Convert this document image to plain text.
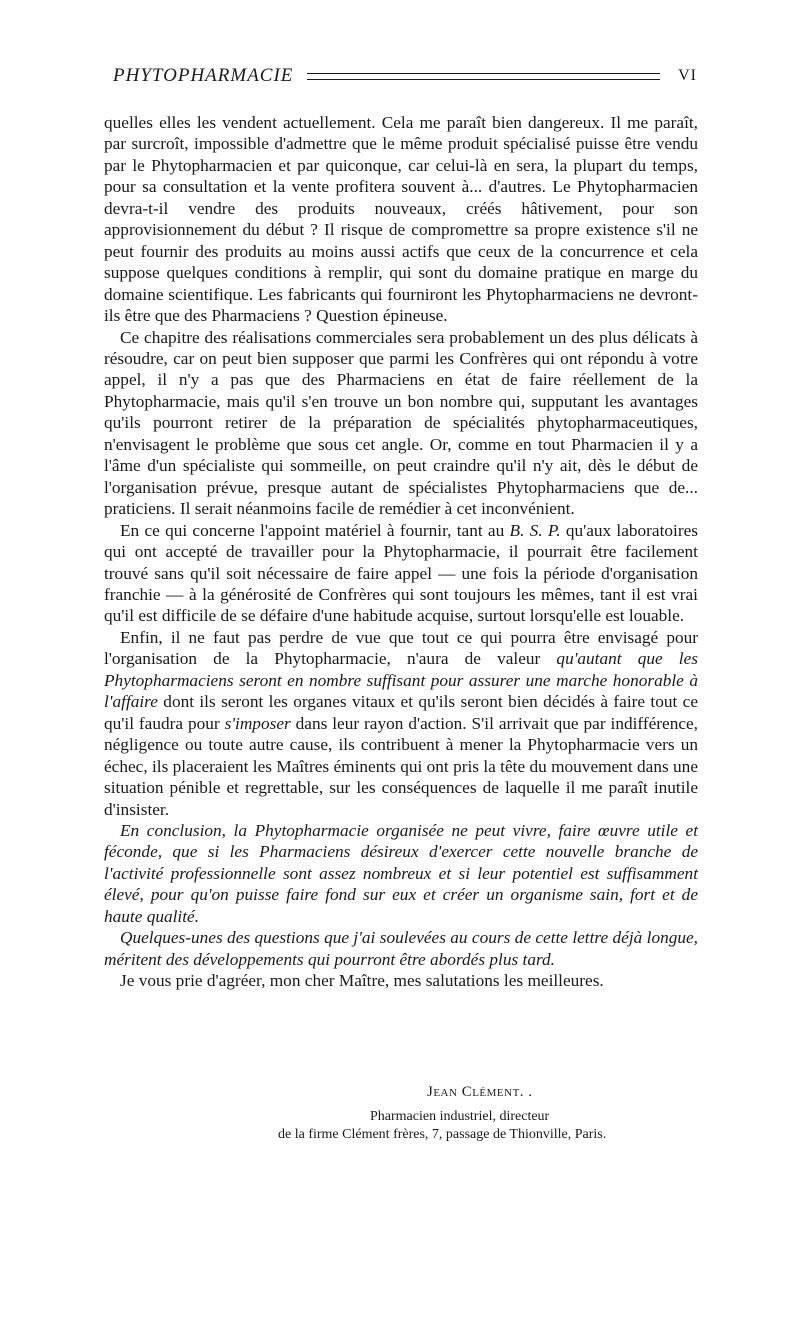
PHYTOPHARMACIE	VI

quelles elles les vendent actuellement. Cela me paraît bien dangereux. Il me paraît, par surcroît, impossible d'admettre que le même produit spécialisé puisse être vendu par le Phytopharmacien et par quiconque, car celui-là en sera, la plupart du temps, pour sa consultation et la vente profitera souvent à... d'autres. Le Phytopharmacien devra-t-il vendre des produits nouveaux, créés hâtivement, pour son approvisionnement du début ? Il risque de compromettre sa propre existence s'il ne peut fournir des produits au moins aussi actifs que ceux de la concurrence et cela suppose quelques conditions à remplir, qui sont du domaine pratique en marge du domaine scientifique. Les fabricants qui fourniront les Phytopharmaciens ne devront-ils être que des Pharmaciens ? Question épineuse.

Ce chapitre des réalisations commerciales sera probablement un des plus délicats à résoudre, car on peut bien supposer que parmi les Confrères qui ont répondu à votre appel, il n'y a pas que des Pharmaciens en état de faire réellement de la Phytopharmacie, mais qu'il s'en trouve un bon nombre qui, supputant les avantages qu'ils pourront retirer de la préparation de spécialités phytopharmaceutiques, n'envisagent le problème que sous cet angle. Or, comme en tout Pharmacien il y a l'âme d'un spécialiste qui sommeille, on peut craindre qu'il n'y ait, dès le début de l'organisation prévue, presque autant de spécialistes Phytopharmaciens que de... praticiens. Il serait néanmoins facile de remédier à cet inconvénient.

En ce qui concerne l'appoint matériel à fournir, tant au B. S. P. qu'aux laboratoires qui ont accepté de travailler pour la Phytopharmacie, il pourrait être facilement trouvé sans qu'il soit nécessaire de faire appel — une fois la période d'organisation franchie — à la générosité de Confrères qui sont toujours les mêmes, tant il est vrai qu'il est difficile de se défaire d'une habitude acquise, surtout lorsqu'elle est louable.

Enfin, il ne faut pas perdre de vue que tout ce qui pourra être envisagé pour l'organisation de la Phytopharmacie, n'aura de valeur qu'autant que les Phytopharmaciens seront en nombre suffisant pour assurer une marche honorable à l'affaire dont ils seront les organes vitaux et qu'ils seront bien décidés à faire tout ce qu'il faudra pour s'imposer dans leur rayon d'action. S'il arrivait que par indifférence, négligence ou toute autre cause, ils contribuent à mener la Phytopharmacie vers un échec, ils placeraient les Maîtres éminents qui ont pris la tête du mouvement dans une situation pénible et regrettable, sur les conséquences de laquelle il me paraît inutile d'insister.

En conclusion, la Phytopharmacie organisée ne peut vivre, faire œuvre utile et féconde, que si les Pharmaciens désireux d'exercer cette nouvelle branche de l'activité professionnelle sont assez nombreux et si leur potentiel est suffisamment élevé, pour qu'on puisse faire fond sur eux et créer un organisme sain, fort et de haute qualité.

Quelques-unes des questions que j'ai soulevées au cours de cette lettre déjà longue, méritent des développements qui pourront être abordés plus tard.

Je vous prie d'agréer, mon cher Maître, mes salutations les meilleures.

Jean Clément. .
Pharmacien industriel, directeur
de la firme Clément frères, 7, passage de Thionville, Paris.
